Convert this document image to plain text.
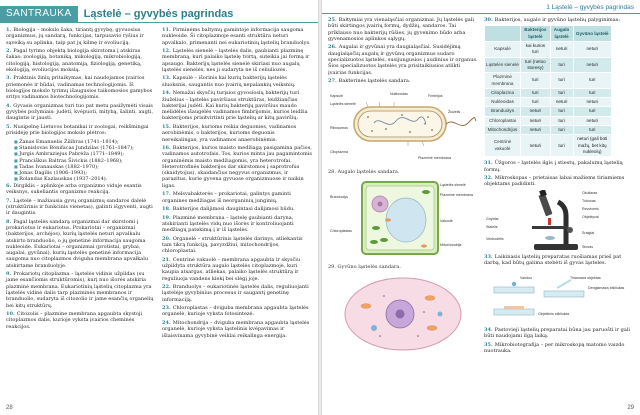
SANTRAUKA	Ląstelė – gyvybės pagrindas
1. Biologija – mokslo šaka, tiriantį gyvybę, gyvuosius organizmus, jų sandarą, funkcijas, tarpusavio ryšius ir sąveiką su aplinka, taip pat jų kilmę ir evoliuciją.
2. Pagal tyrimo objektą biologija skirstoma į atskiras šakas: zoologiją, botaniką, mikologiją, mikrobiologiją, citologiją, histologiją, anatomiją, fiziologiją, genetiką, ekologiją, evoliucijos mokslą.
3. Praktinis žinių pritaikymas, kai naudojamos įvairios priemonės ir būdai, vadinamas technologijomis. Iš biologijos mokslo tyrimų išaugusios taikomosios gamybos sritys vadinamos biotechnologijomis.
4. Gyvasis organizmas turi tuo pat metu pasižymėti visais gyvybės požymiais: judėti, kvėpuoti, mitybą, šalinti, augti, daugintis ir jausti.
5. Nusipelnę Lietuvos botanikai ir zoologai, reikšmingai prisidėję prie biologijos mokslo plėtros:
■ Žanas Emanuelis Žilibras (1741–1814);
■ Stanislovas Bonifacas Jundzilas (1761–1847);
■ Jurgis Ambraziejus Pabrėža (1771–1849);
■ Pranciškus Baltras Šivickis (1882–1968);
■ Tadas Ivanauskas (1882–1970);
■ Jonas Dagilis (1906–1993);
■ Rolandas Kazlauskas (1937–2014).
6. Dirgiklis – aplinkoje arba organizmo viduje esantis veiksnys, sukeliantis organizmo reakciją.
7. Ląstelė – mažiausia gyvų organizmų sandaros dalelė (struktūrinis ir funkcinis vienetas), galinti išgyventi, augti ir daugintis.
8. Pagal ląstelės sandarą organizmai dar skirstomi į prokariotus ir eukariotus. Prokariotai – organizmai (bakterijos, archėjos), kurių ląstelės neturi apvalkalu atskirto branduolio, o jų genetinė informacija saugoma nukleoide. Eukariotai – organizmai (protistai, grybai, augalai, gyvūnai), kurių ląstelės genetinė informacija saugoma nuo citoplazmos dviguba membrana apvalkalu atskirtame branduolyje.
9. Prokariotų citoplazma – ląstelės vidinis užpildas (su jame esančiomis struktūromis), kurį nuo išorės atskiria plazminė membrana. Eukariotinių ląstelių citoplazma yra ląstelės vidinė dalis tarp plazminės membranos ir branduolio, sudaryta iš citozolio ir jame esančių organelių bei kitų struktūrų.
10. Citozolis – plazmine membrana apgaubta skystoji citoplazmos dalis, kurioje vyksta įvairios cheminės reakcijos.
11. Pirminėms baltymų gamintoje informacija saugoma nukleoide. Ši citoplazmoje esanti struktūra neturi apvalkalo, primenanti nei eukariotinių ląstelių branduolys.
12. Ląstelės sienelė – ląstelės dalis, gaubianti plazminę membraną, kuri palaiko ląstelę tvirtą, suteikia jai formą ir apsaugo. Bakterijų ląstelės sienelė skiriasi nuo augalų ląstelės sienelės, nes ji sudaryta ne iš celiuliozės.
13. Kapsulė – išorinis kai kurių bakterijų ląstelės sluoksnis, saugantis nuo įvairių nepalankių veiksnių.
14. Nemažai skysčių turįsios gyvosiosių bakterijų turi žiuželius – ląstelės paviršiaus struktūras, leidžiančias bakterijai judėti. Kai kurių bakterijų paviršius maudo mėlidėlės išaugėlės vadinamos fimbrijomis, kurios leidžia bakterijoms prisitvirtinti prie ląstelių ar kitų paviršių.
15. Bakterijos, kurioms reikia deguonies, vadinamos aerobinėmis, o bakterijos, kurioms deguonis nereikalingas, yra vadinamos anaerobinėmis.
16. Bakterijos, kurios maisto medžiagą pasigamina pačios, vadinamos autotrofais. Tos, kurios minta jau pagamintomis organinėmis maisto medžiagomis, yra heterotrofai. Heterotrofinės bakterijos dar skirstomos į saprotrofus (skaidytojus), skaidančius negyvus organizmus, ir parazitus, kurie gyvena gyvuose organizmuose ir naikin ligas.
17. Melsvabakterės – prokariotai, galintys gaminti organines medžiagas iš neorganinių junginių.
18. Bakterijos dalijimosi daugintasi dalijimosi būdu.
19. Plazminė membrana – ląstelę gaubianti daryna, atskirianti ląstelės vidų nuo išorės ir kontroliuojanti medžiagų patekimą į ir iš ląstelės.
20. Organelė – struktūrinis ląstelės darinys, atliekantis tam tikrą funkciją, pavyzdžiui, mitochondrijos, chloroplastai.
21. Centrinė vakuolė – membrana apgaubta ir skysčiu užpildyta struktūra augalo ląstelės citoplazmoje, kuri kaupia atsargas, atliekas, palaiko ląstelės struktūrą ir reguliuoja vandens kiekį bei slėgį joje.
22. Branduolys – eukariotinės ląstelės dalis, reguliuojanti ląstelėje gyvybinius procesus ir saugantį genetinę informaciją.
23. Chloroplastas – dviguba membrana apgaubta ląstelės organelė, kurioje vyksta fotosintezė.
24. Mitochondrija – dviguba membrana apgaubta ląstelės organelė, kurioje vyksta ląstelinis kvėpavimas ir išlaisvinama gyvybinė veiklai reikalinga energija.
28
1 Ląstelė – gyvybės pagrindas
25. Baltymiai yra vienaląsčiai organizmai. Jų ląstelės gali būti skirtingos įvairių formų, dydžių, sandaros. Tai priklauso nuo bakterijų rūšies, jų gyvenimo būdo arba gyvenamosios aplinkos sąlygų.
26. Augalai ir gyvūnai yra daugialąsčiai. Susidėjimą daugialąsčių augalų ir gyvūnų organizmus sudaro specializuotos ląstelės, susijungusios į audinius ir organus. Šios specializuotos ląstelės yra prisitaikiusios atlikti įvairias funkcijas.
27. Bakterinės ląstelės sandara.
Kapsulė
Ląstelės sienelė
Nukleoidas
Citoplazma
Plazminė membrana
Ribosomos
Žiuželis
Fimbrijos
28. Augalo ląstelės sandara.
Ląstelės sienelė
Plazminė membrana
Vakuolė
Branduolys
Chloroplastas
Mitochondrija
29. Gyvūno ląstelės sandara.
30. Bakterijos, augalo ir gyvūno ląstelių palyginimas:
	Bakterijos ląstelė	Augalo ląstelė	Gyvūno ląstelė
Kapsulė	kai kurios turi	neturi	neturi
Ląstelės sienelė	turi (netoo storesy)	turi	neturi
Plazminė membrana	turi	turi	turi
Citoplazma	turi	turi	turi
Nukleoidas	turi	neturi	neturi
Branduolys	neturi	turi	turi
Chloroplastai	neturi	turi	neturi
Mitochondrijos	neturi	turi	turi
Centrinė vakuolė	neturi	turi	neturi (gali būti mažų, bet kitų nukleolų)
31. Ūžgoros – ląstelės ilgis į stiestų, pakalumų ląstelių formų.
32. Mikroskopas – prietaisas labai mažiems tiriamiems objektams padidinti.
Okuliaras
Tubusas
Revolveris
Objektyvai
Stalelis
Gnybtai
Sraigtai
Veidrodėlis
Stovas
33. Laikinasis ląstelių preparatas ruošiamas prieš pat darbą, kad būtų galima stebėti iš gyvas ląsteles.
Vanduo	Tiriamasis objektas
Dengiamasis stikliukas
Objektinis stikliukas
34. Pastovieji ląstelių preparatai būna jau paruošti ir gali būti naudojami ilgą laiką.
35. Mikrobiotografija – per mikroskopą matomo vaizdo nuotrauka.
29
